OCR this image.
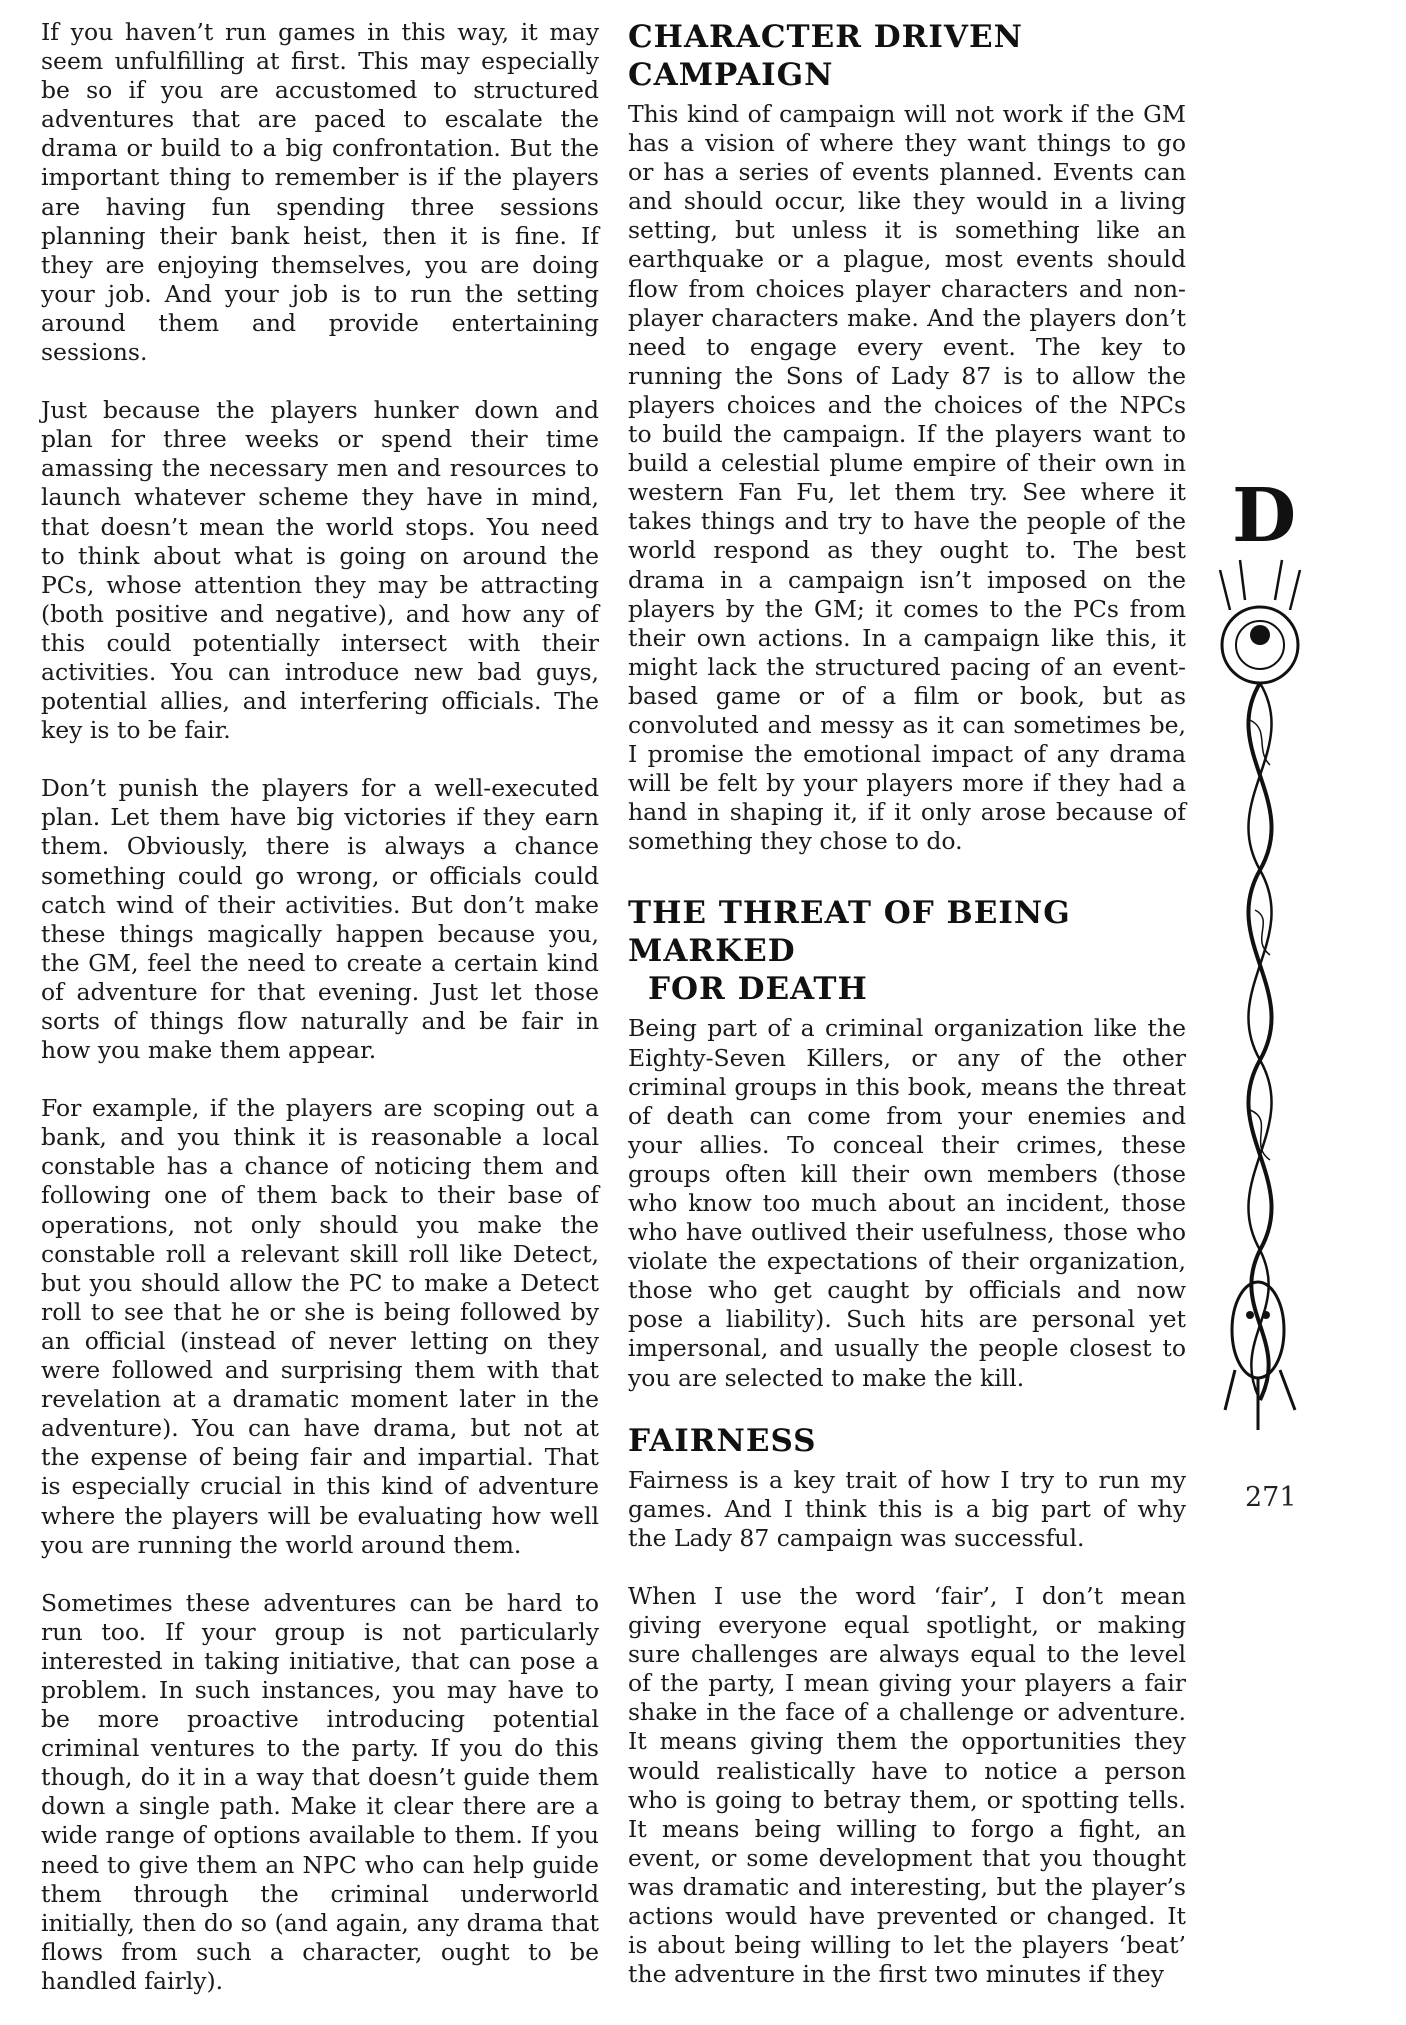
If you haven’t run games in this way, it may seem unfulfilling at first. This may especially be so if you are accustomed to structured adventures that are paced to escalate the drama or build to a big confrontation. But the important thing to remember is if the players are having fun spending three sessions planning their bank heist, then it is fine. If they are enjoying themselves, you are doing your job. And your job is to run the setting around them and provide entertaining sessions.

Just because the players hunker down and plan for three weeks or spend their time amassing the necessary men and resources to launch whatever scheme they have in mind, that doesn’t mean the world stops. You need to think about what is going on around the PCs, whose attention they may be attracting (both positive and negative), and how any of this could potentially intersect with their activities. You can introduce new bad guys, potential allies, and interfering officials. The key is to be fair.

Don’t punish the players for a well-executed plan. Let them have big victories if they earn them. Obviously, there is always a chance something could go wrong, or officials could catch wind of their activities. But don’t make these things magically happen because you, the GM, feel the need to create a certain kind of adventure for that evening. Just let those sorts of things flow naturally and be fair in how you make them appear.

For example, if the players are scoping out a bank, and you think it is reasonable a local constable has a chance of noticing them and following one of them back to their base of operations, not only should you make the constable roll a relevant skill roll like Detect, but you should allow the PC to make a Detect roll to see that he or she is being followed by an official (instead of never letting on they were followed and surprising them with that revelation at a dramatic moment later in the adventure). You can have drama, but not at the expense of being fair and impartial. That is especially crucial in this kind of adventure where the players will be evaluating how well you are running the world around them.

Sometimes these adventures can be hard to run too. If your group is not particularly interested in taking initiative, that can pose a problem. In such instances, you may have to be more proactive introducing potential criminal ventures to the party. If you do this though, do it in a way that doesn’t guide them down a single path. Make it clear there are a wide range of options available to them. If you need to give them an NPC who can help guide them through the criminal underworld initially, then do so (and again, any drama that flows from such a character, ought to be handled fairly).

CHARACTER DRIVEN CAMPAIGN

This kind of campaign will not work if the GM has a vision of where they want things to go or has a series of events planned. Events can and should occur, like they would in a living setting, but unless it is something like an earthquake or a plague, most events should flow from choices player characters and non-player characters make. And the players don’t need to engage every event. The key to running the Sons of Lady 87 is to allow the players choices and the choices of the NPCs to build the campaign. If the players want to build a celestial plume empire of their own in western Fan Fu, let them try. See where it takes things and try to have the people of the world respond as they ought to. The best drama in a campaign isn’t imposed on the players by the GM; it comes to the PCs from their own actions. In a campaign like this, it might lack the structured pacing of an event-based game or of a film or book, but as convoluted and messy as it can sometimes be, I promise the emotional impact of any drama will be felt by your players more if they had a hand in shaping it, if it only arose because of something they chose to do.

THE THREAT OF BEING MARKED
FOR DEATH

Being part of a criminal organization like the Eighty-Seven Killers, or any of the other criminal groups in this book, means the threat of death can come from your enemies and your allies. To conceal their crimes, these groups often kill their own members (those who know too much about an incident, those who have outlived their usefulness, those who violate the expectations of their organization, those who get caught by officials and now pose a liability). Such hits are personal yet impersonal, and usually the people closest to you are selected to make the kill.

FAIRNESS

Fairness is a key trait of how I try to run my games. And I think this is a big part of why the Lady 87 campaign was successful.

When I use the word ‘fair’, I don’t mean giving everyone equal spotlight, or making sure challenges are always equal to the level of the party, I mean giving your players a fair shake in the face of a challenge or adventure. It means giving them the opportunities they would realistically have to notice a person who is going to betray them, or spotting tells. It means being willing to forgo a fight, an event, or some development that you thought was dramatic and interesting, but the player’s actions would have prevented or changed. It is about being willing to let the players ‘beat’ the adventure in the first two minutes if they

D
271
